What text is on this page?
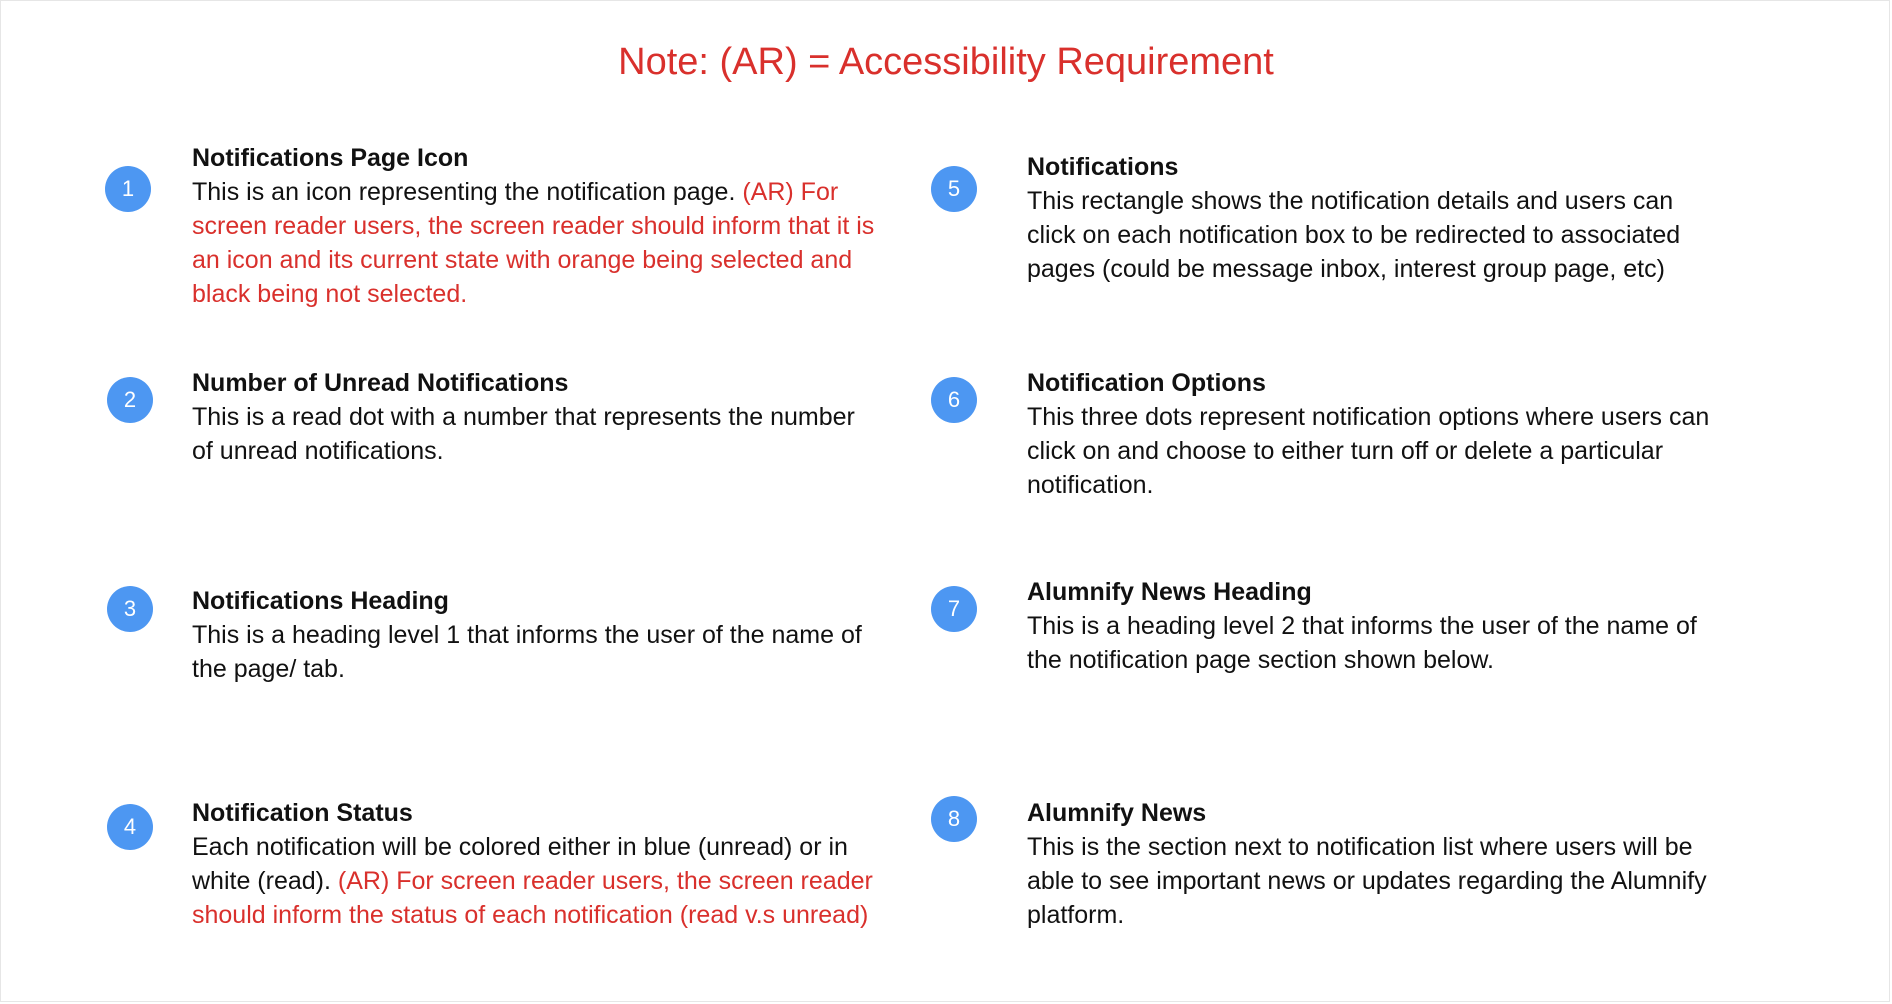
Note: (AR) = Accessibility Requirement
1
Notifications Page Icon
This is an icon representing the notification page. (AR) For screen reader users, the screen reader should inform that it is an icon and its current state with orange being selected and black being not selected.
2
Number of Unread Notifications
This is a read dot with a number that represents the number of unread notifications.
3	Notifications Heading
This is a heading level 1 that informs the user of the name of the page/ tab.
4	Notification Status
Each notification will be colored either in blue (unread) or in white (read). (AR) For screen reader users, the screen reader should inform the status of each notification (read v.s unread)
5
Notifications
This rectangle shows the notification details and users can click on each notification box to be redirected to associated pages (could be message inbox, interest group page, etc)
6
Notification Options
This three dots represent notification options where users can click on and choose to either turn off or delete a particular notification.
7
Alumnify News Heading
This is a heading level 2 that informs the user of the name of the notification page section shown below.
8	Alumnify News
This is the section next to notification list where users will be able to see important news or updates regarding the Alumnify platform.
